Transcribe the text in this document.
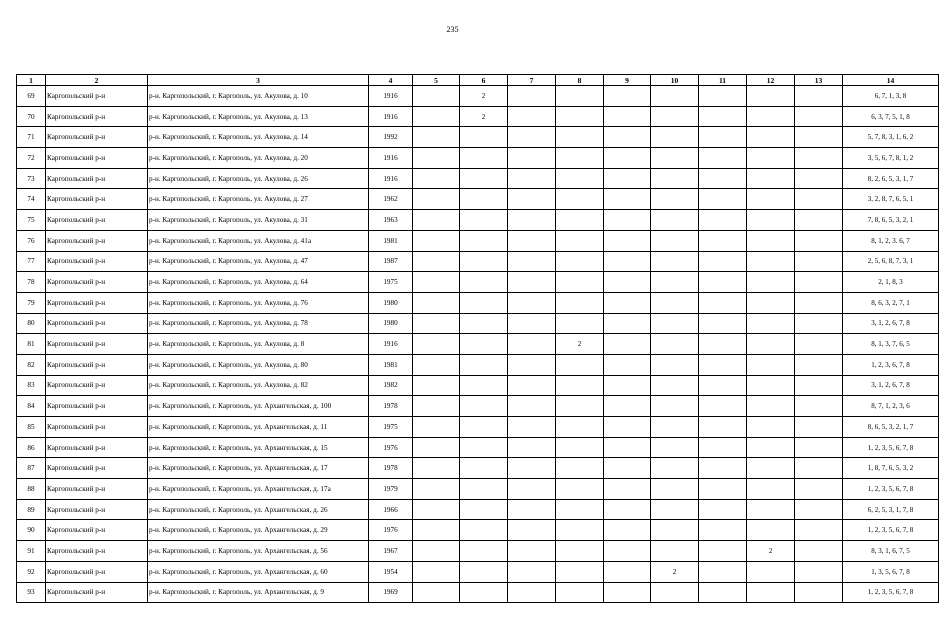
235
1	2	3	4	5	6	7	8	9	10	11	12	13	14
69	Каргопольский р-н	р-н. Каргопольский, г. Каргополь, ул. Акулова, д. 10	1916		2								6, 7, 1, 3, 8
70	Каргопольский р-н	р-н. Каргопольский, г. Каргополь, ул. Акулова, д. 13	1916		2								6, 3, 7, 5, 1, 8
71	Каргопольский р-н	р-н. Каргопольский, г. Каргополь, ул. Акулова, д. 14	1992										5, 7, 8, 3, 1, 6, 2
72	Каргопольский р-н	р-н. Каргопольский, г. Каргополь, ул. Акулова, д. 20	1916										3, 5, 6, 7, 8, 1, 2
73	Каргопольский р-н	р-н. Каргопольский, г. Каргополь, ул. Акулова, д. 26	1916										8, 2, 6, 5, 3, 1, 7
74	Каргопольский р-н	р-н. Каргопольский, г. Каргополь, ул. Акулова, д. 27	1962										3, 2, 8, 7, 6, 5, 1
75	Каргопольский р-н	р-н. Каргопольский, г. Каргополь, ул. Акулова, д. 31	1963										7, 8, 6, 5, 3, 2, 1
76	Каргопольский р-н	р-н. Каргопольский, г. Каргополь, ул. Акулова, д. 41а	1981										8, 1, 2, 3. 6, 7
77	Каргопольский р-н	р-н. Каргопольский, г. Каргополь, ул. Акулова, д. 47	1987										2, 5, 6, 8, 7, 3, 1
78	Каргопольский р-н	р-н. Каргопольский, г. Каргополь, ул. Акулова, д. 64	1975										2, 1, 8, 3
79	Каргопольский р-н	р-н. Каргопольский, г. Каргополь, ул. Акулова, д. 76	1980										8, 6, 3, 2, 7, 1
80	Каргопольский р-н	р-н. Каргопольский, г. Каргополь, ул. Акулова, д. 78	1980										3, 1, 2, 6, 7, 8
81	Каргопольский р-н	р-н. Каргопольский, г. Каргополь, ул. Акулова, д. 8	1916				2						8, 1, 3, 7, 6, 5
82	Каргопольский р-н	р-н. Каргопольский, г. Каргополь, ул. Акулова, д. 80	1981										1, 2, 3, 6, 7, 8
83	Каргопольский р-н	р-н. Каргопольский, г. Каргополь, ул. Акулова, д. 82	1982										3, 1, 2, 6, 7, 8
84	Каргопольский р-н	р-н. Каргопольский, г. Каргополь, ул. Архангельская, д. 100	1978										8, 7, 1, 2, 3, 6
85	Каргопольский р-н	р-н. Каргопольский, г. Каргополь, ул. Архангельская, д. 11	1975										8, 6, 5, 3, 2, 1, 7
86	Каргопольский р-н	р-н. Каргопольский, г. Каргополь, ул. Архангельская, д. 15	1976										1, 2, 3, 5, 6, 7, 8
87	Каргопольский р-н	р-н. Каргопольский, г. Каргополь, ул. Архангельская, д. 17	1978										1, 8, 7, 6, 5, 3, 2
88	Каргопольский р-н	р-н. Каргопольский, г. Каргополь, ул. Архангельская, д. 17а	1979										1, 2, 3, 5, 6, 7, 8
89	Каргопольский р-н	р-н. Каргопольский, г. Каргополь, ул. Архангельская, д. 26	1966										6, 2, 5, 3, 1, 7, 8
90	Каргопольский р-н	р-н. Каргопольский, г. Каргополь, ул. Архангельская, д. 29	1976										1, 2, 3, 5, 6, 7, 8
91	Каргопольский р-н	р-н. Каргопольский, г. Каргополь, ул. Архангельская, д. 56	1967								2		8, 3, 1, 6, 7, 5
92	Каргопольский р-н	р-н. Каргопольский, г. Каргополь, ул. Архангельская, д. 60	1954						2				1, 3, 5, 6, 7, 8
93	Каргопольский р-н	р-н. Каргопольский, г. Каргополь, ул. Архангельская, д. 9	1969										1, 2, 3, 5, 6, 7, 8
